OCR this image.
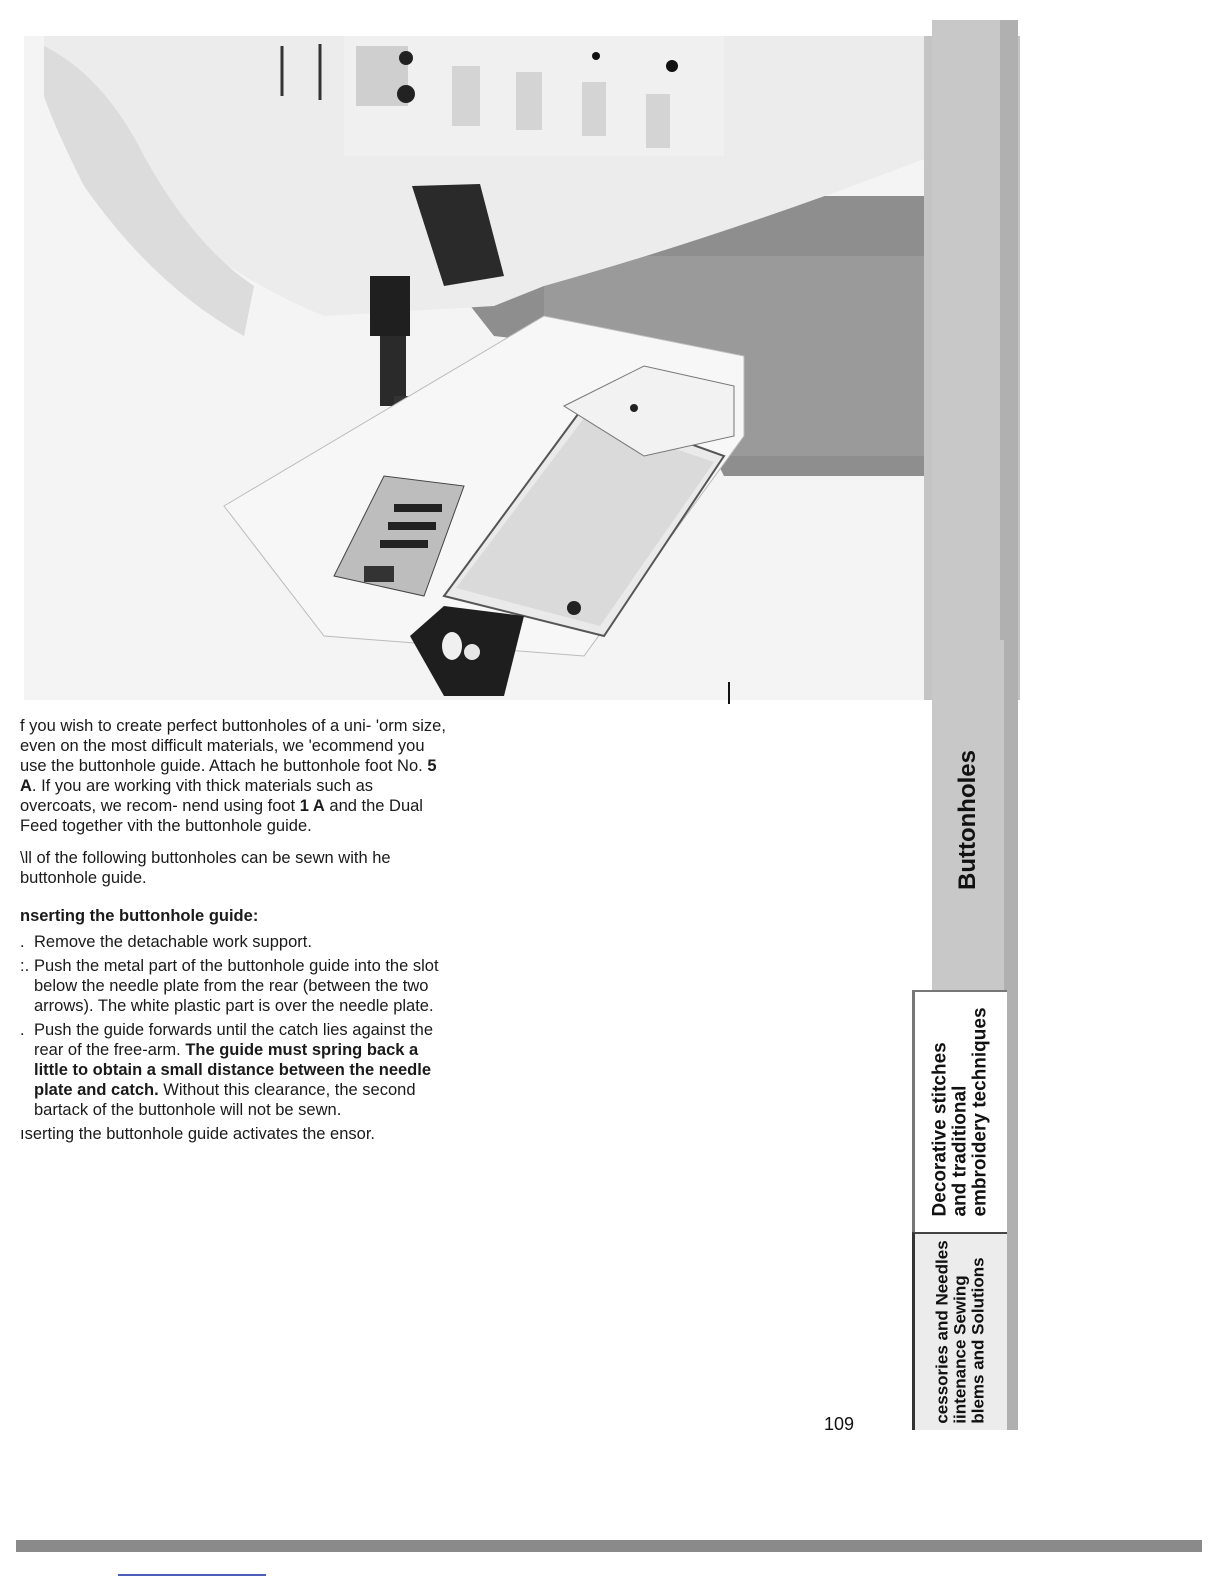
Buttonholes
Decorative stitches and traditional embroidery techniques
cessories and Needles iintenance Sewing blems and Solutions

f you wish to create perfect buttonholes of a uni- 'orm size, even on the most difficult materials, we 'ecommend you use the buttonhole guide. Attach he buttonhole foot No. 5 A. If you are working vith thick materials such as overcoats, we recom- nend using foot 1 A and the Dual Feed together vith the buttonhole guide.

\ll of the following buttonholes can be sewn with he buttonhole guide.

nserting the buttonhole guide:

. Remove the detachable work support.
:. Push the metal part of the buttonhole guide into the slot below the needle plate from the rear (between the two arrows). The white plastic part is over the needle plate.
. Push the guide forwards until the catch lies against the rear of the free-arm. The guide must spring back a little to obtain a small distance between the needle plate and catch. Without this clearance, the second bartack of the buttonhole will not be sewn.

ıserting the buttonhole guide activates the ensor.

109
